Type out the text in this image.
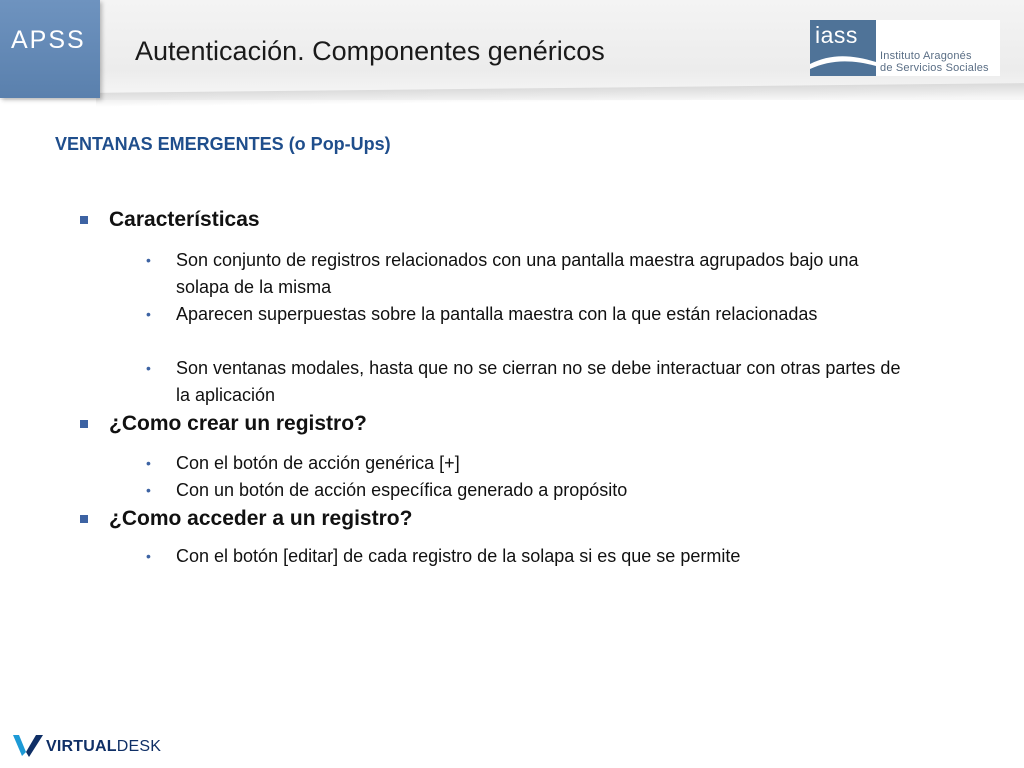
APSS Autenticación. Componentes genéricos
iass
Instituto Aragonés
de Servicios Sociales
VENTANAS EMERGENTES (o Pop-Ups)
Características
• Son conjunto de registros relacionados con una pantalla maestra agrupados bajo una solapa de la misma
• Aparecen superpuestas sobre la pantalla maestra con la que están relacionadas
• Son ventanas modales, hasta que no se cierran no se debe interactuar con otras partes de la aplicación
¿Como crear un registro?
• Con el botón de acción genérica [+]
• Con un botón de acción específica generado a propósito
¿Como acceder a un registro?
• Con el botón [editar] de cada registro de la solapa si es que se permite
VIRTUALDESK
